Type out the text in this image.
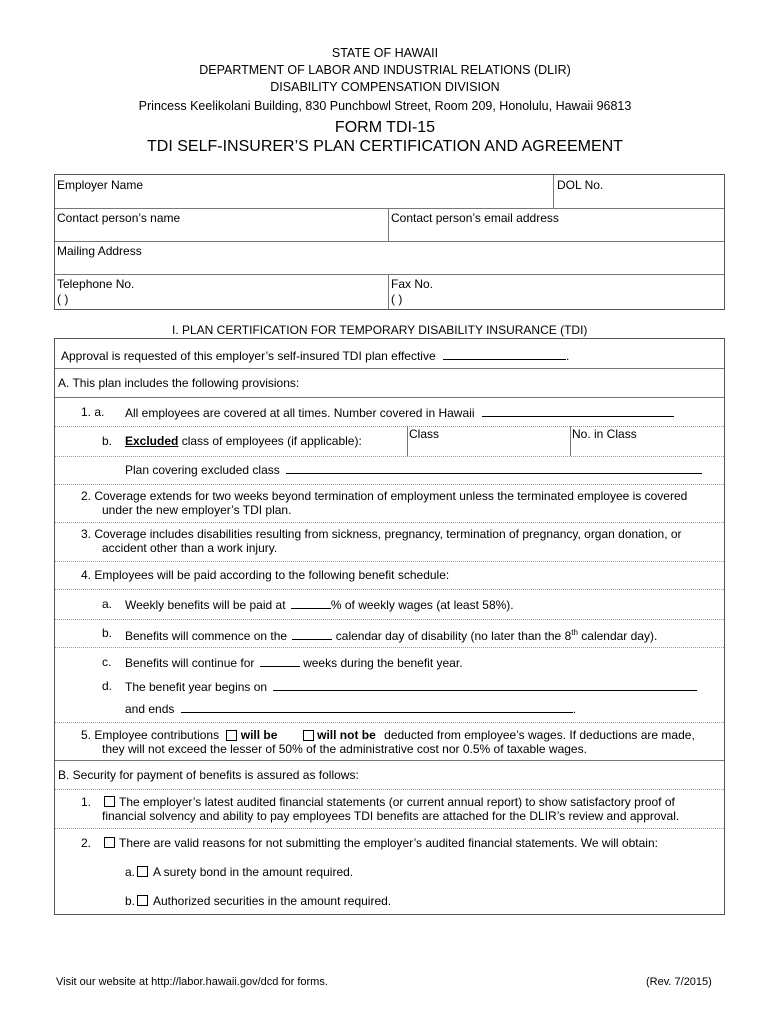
STATE OF HAWAII
DEPARTMENT OF LABOR AND INDUSTRIAL RELATIONS (DLIR)
DISABILITY COMPENSATION DIVISION
Princess Keelikolani Building, 830 Punchbowl Street, Room 209, Honolulu, Hawaii 96813
FORM TDI-15
TDI SELF-INSURER’S PLAN CERTIFICATION AND AGREEMENT
Employer Name	DOL No.
Contact person’s name	Contact person’s email address
Mailing Address
Telephone No.
( )
Fax No.
( )
I. PLAN CERTIFICATION FOR TEMPORARY DISABILITY INSURANCE (TDI)
Approval is requested of this employer’s self-insured TDI plan effective	.
A. This plan includes the following provisions:
1. a. All employees are covered at all times. Number covered in Hawaii
b. Excluded class of employees (if applicable):	Class	No. in Class
Plan covering excluded class
2. Coverage extends for two weeks beyond termination of employment unless the terminated employee is covered
under the new employer’s TDI plan.
3. Coverage includes disabilities resulting from sickness, pregnancy, termination of pregnancy, organ donation, or
accident other than a work injury.
4. Employees will be paid according to the following benefit schedule:
a. Weekly benefits will be paid at	% of weekly wages (at least 58%).
b. Benefits will commence on the	calendar day of disability (no later than the 8th calendar day).
c. Benefits will continue for	weeks during the benefit year.
d. The benefit year begins on
and ends	.
5. Employee contributions will be	will not be deducted from employee’s wages. If deductions are made,
they will not exceed the lesser of 50% of the administrative cost nor 0.5% of taxable wages.
B. Security for payment of benefits is assured as follows:
1. The employer’s latest audited financial statements (or current annual report) to show satisfactory proof of
financial solvency and ability to pay employees TDI benefits are attached for the DLIR’s review and approval.
2. There are valid reasons for not submitting the employer’s audited financial statements. We will obtain:
a. A surety bond in the amount required.
b. Authorized securities in the amount required.
Visit our website at http://labor.hawaii.gov/dcd for forms.	(Rev. 7/2015)
